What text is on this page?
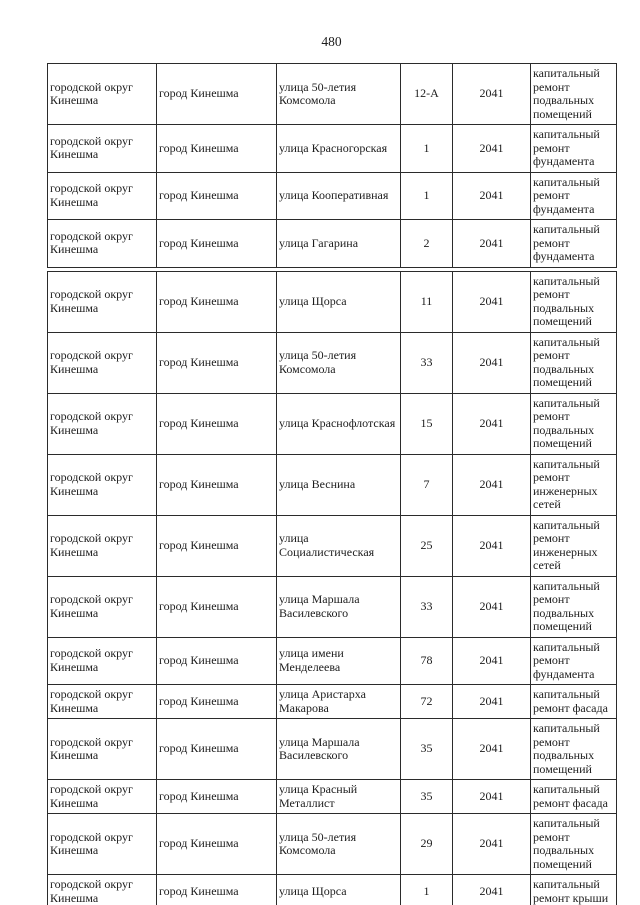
480
городской округ Кинешма	город Кинешма	улица 50-летия Комсомола	12-А	2041	капитальный ремонт подвальных помещений
городской округ Кинешма	город Кинешма	улица Красногорская	1	2041	капитальный ремонт фундамента
городской округ Кинешма	город Кинешма	улица Кооперативная	1	2041	капитальный ремонт фундамента
городской округ Кинешма	город Кинешма	улица Гагарина	2	2041	капитальный ремонт фундамента
городской округ Кинешма	город Кинешма	улица Щорса	11	2041	капитальный ремонт подвальных помещений
городской округ Кинешма	город Кинешма	улица 50-летия Комсомола	33	2041	капитальный ремонт подвальных помещений
городской округ Кинешма	город Кинешма	улица Краснофлотская	15	2041	капитальный ремонт подвальных помещений
городской округ Кинешма	город Кинешма	улица Веснина	7	2041	капитальный ремонт инженерных сетей
городской округ Кинешма	город Кинешма	улица Социалистическая	25	2041	капитальный ремонт инженерных сетей
городской округ Кинешма	город Кинешма	улица Маршала Василевского	33	2041	капитальный ремонт подвальных помещений
городской округ Кинешма	город Кинешма	улица имени Менделеева	78	2041	капитальный ремонт фундамента
городской округ Кинешма	город Кинешма	улица Аристарха Макарова	72	2041	капитальный ремонт фасада
городской округ Кинешма	город Кинешма	улица Маршала Василевского	35	2041	капитальный ремонт подвальных помещений
городской округ Кинешма	город Кинешма	улица Красный Металлист	35	2041	капитальный ремонт фасада
городской округ Кинешма	город Кинешма	улица 50-летия Комсомола	29	2041	капитальный ремонт подвальных помещений
городской округ Кинешма	город Кинешма	улица Щорса	1	2041	капитальный ремонт крыши
